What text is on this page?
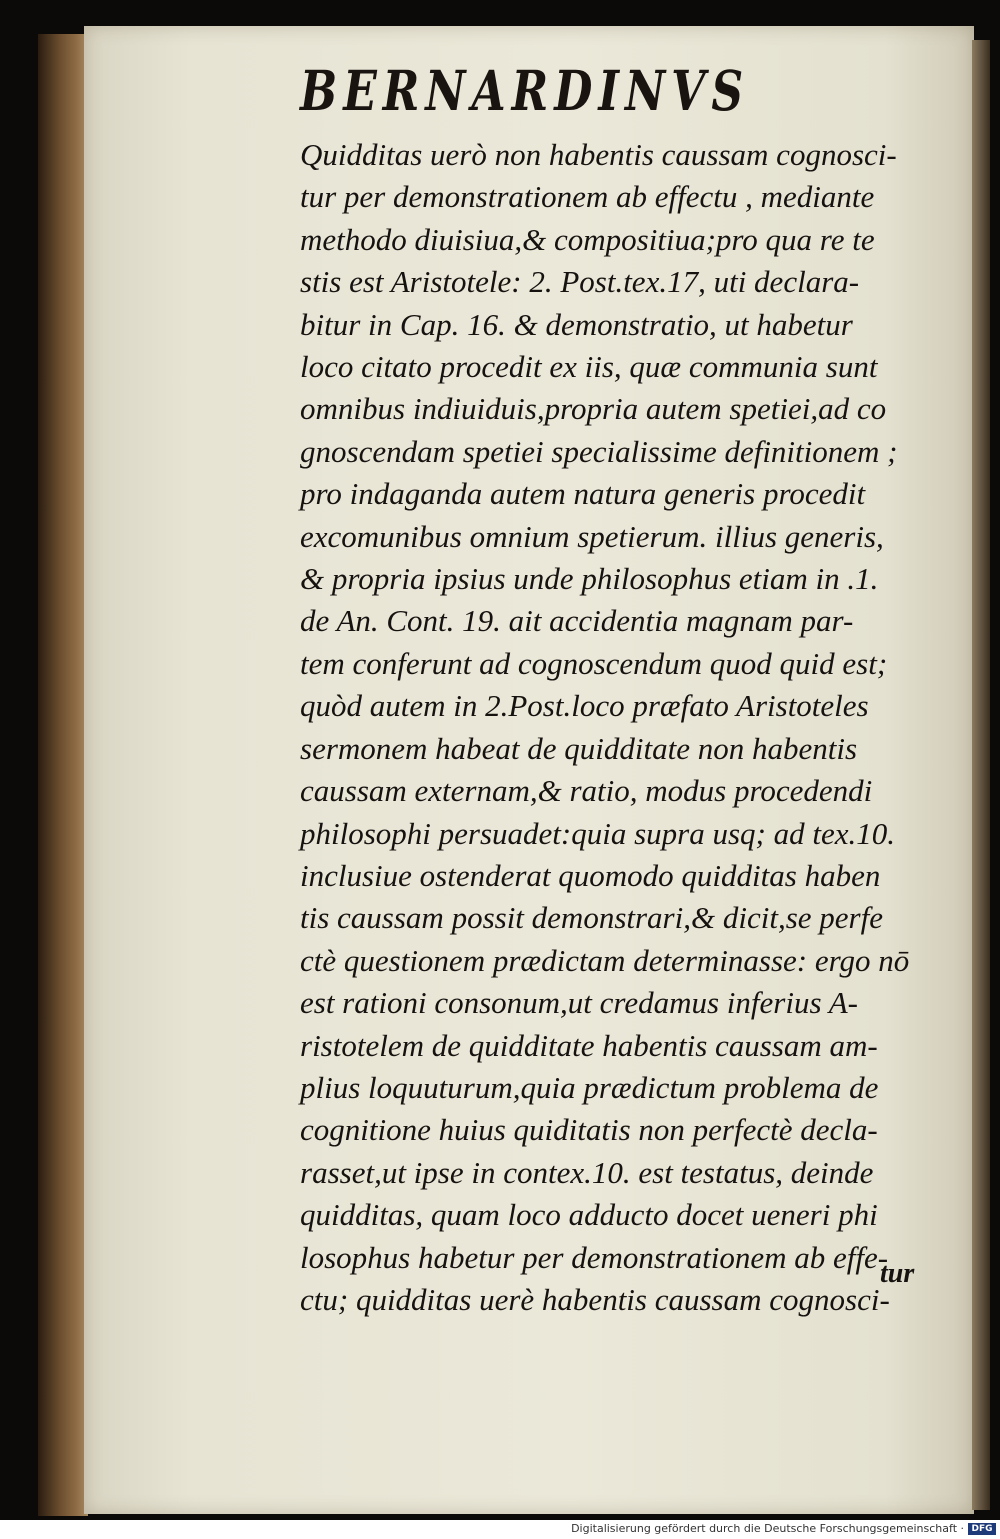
BERNARDINVS
Quidditas uerò non habentis caussam cognosci-
tur per demonstrationem ab effectu , mediante
methodo diuisiua,& compositiua;pro qua re te
stis est Aristotele: 2. Post.tex.17, uti declara-
bitur in Cap. 16. & demonstratio, ut habetur
loco citato procedit ex iis, quæ communia sunt
omnibus indiuiduis,propria autem spetiei,ad co
gnoscendam spetiei specialissime definitionem ;
pro indaganda autem natura generis procedit
excomunibus omnium spetierum. illius generis,
& propria ipsius unde philosophus etiam in .1.
de An. Cont. 19. ait accidentia magnam par-
tem conferunt ad cognoscendum quod quid est;
quòd autem in 2.Post.loco præfato Aristoteles
sermonem habeat de quidditate non habentis
caussam externam,& ratio, modus procedendi
philosophi persuadet:quia supra usq; ad tex.10.
inclusiue ostenderat quomodo quidditas haben
tis caussam possit demonstrari,& dicit,se perfe
ctè questionem prædictam determinasse: ergo nō
est rationi consonum,ut credamus inferius A-
ristotelem de quidditate habentis caussam am-
plius loquuturum,quia prædictum problema de
cognitione huius quiditatis non perfectè decla-
rasset,ut ipse in contex.10. est testatus, deinde
quidditas, quam loco adducto docet ueneri phi
losophus habetur per demonstrationem ab effe-
ctu; quidditas uerè habentis caussam cognosci-
tur
Digitalisierung gefördert durch die Deutsche Forschungsgemeinschaft · DFG
